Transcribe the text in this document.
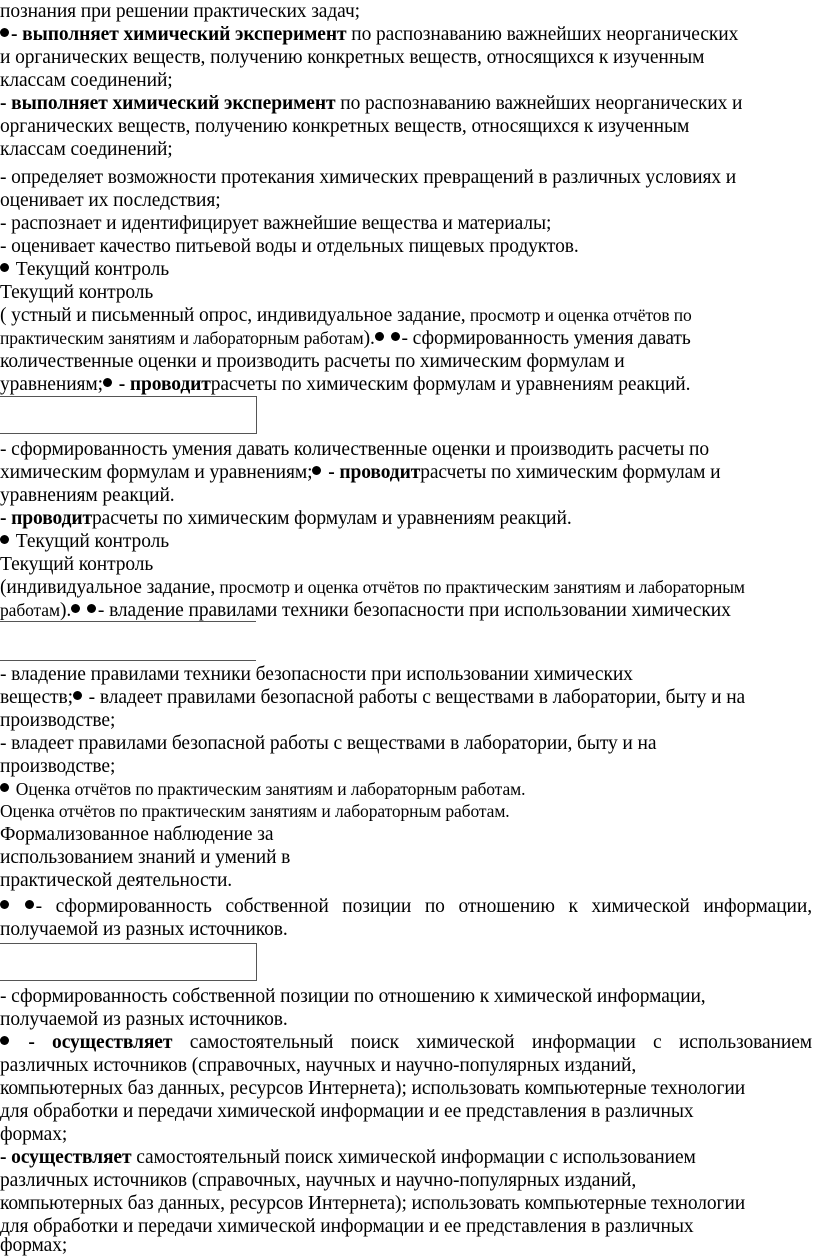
познания при решении практических задач;

- выполняет химический эксперимент по распознаванию важнейших неорганических

и органических веществ, получению конкретных веществ, относящихся к изученным

классам соединений;

- выполняет химический эксперимент по распознаванию важнейших неорганических и

органических веществ, получению конкретных веществ, относящихся к изученным

классам соединений;

- определяет возможности протекания химических превращений в различных условиях и

оценивает их последствия;

- распознает и идентифицирует важнейшие вещества и материалы;

- оценивает качество питьевой воды и отдельных пищевых продуктов.

Текущий контроль

Текущий контроль

( устный и письменный опрос, индивидуальное задание, просмотр и оценка отчётов по

практическим занятиям и лабораторным работам). - сформированность умения давать

количественные оценки и производить расчеты по химическим формулам и

уравнениям; - проводитрасчеты по химическим формулам и уравнениям реакций.

- сформированность умения давать количественные оценки и производить расчеты по

химическим формулам и уравнениям; - проводитрасчеты по химическим формулам и

уравнениям реакций.

- проводитрасчеты по химическим формулам и уравнениям реакций.

Текущий контроль

Текущий контроль

(индивидуальное задание, просмотр и оценка отчётов по практическим занятиям и лабораторным

работам). - владение правилами техники безопасности при использовании химических

- владение правилами техники безопасности при использовании химических

веществ; - владеет правилами безопасной работы с веществами в лаборатории, быту и на

производстве;

- владеет правилами безопасной работы с веществами в лаборатории, быту и на

производстве;

Оценка отчётов по практическим занятиям и лабораторным работам.

Оценка отчётов по практическим занятиям и лабораторным работам.

Формализованное наблюдение за

использованием знаний и умений в

практической деятельности.

- сформированность собственной позиции по отношению к химической информации,

получаемой из разных источников.

- сформированность собственной позиции по отношению к химической информации,

получаемой из разных источников.

- осуществляет самостоятельный поиск химической информации с использованием

различных источников (справочных, научных и научно-популярных изданий,

компьютерных баз данных, ресурсов Интернета); использовать компьютерные технологии

для обработки и передачи химической информации и ее представления в различных

формах;

- осуществляет самостоятельный поиск химической информации с использованием

различных источников (справочных, научных и научно-популярных изданий,

компьютерных баз данных, ресурсов Интернета); использовать компьютерные технологии

для обработки и передачи химической информации и ее представления в различных

формах;
